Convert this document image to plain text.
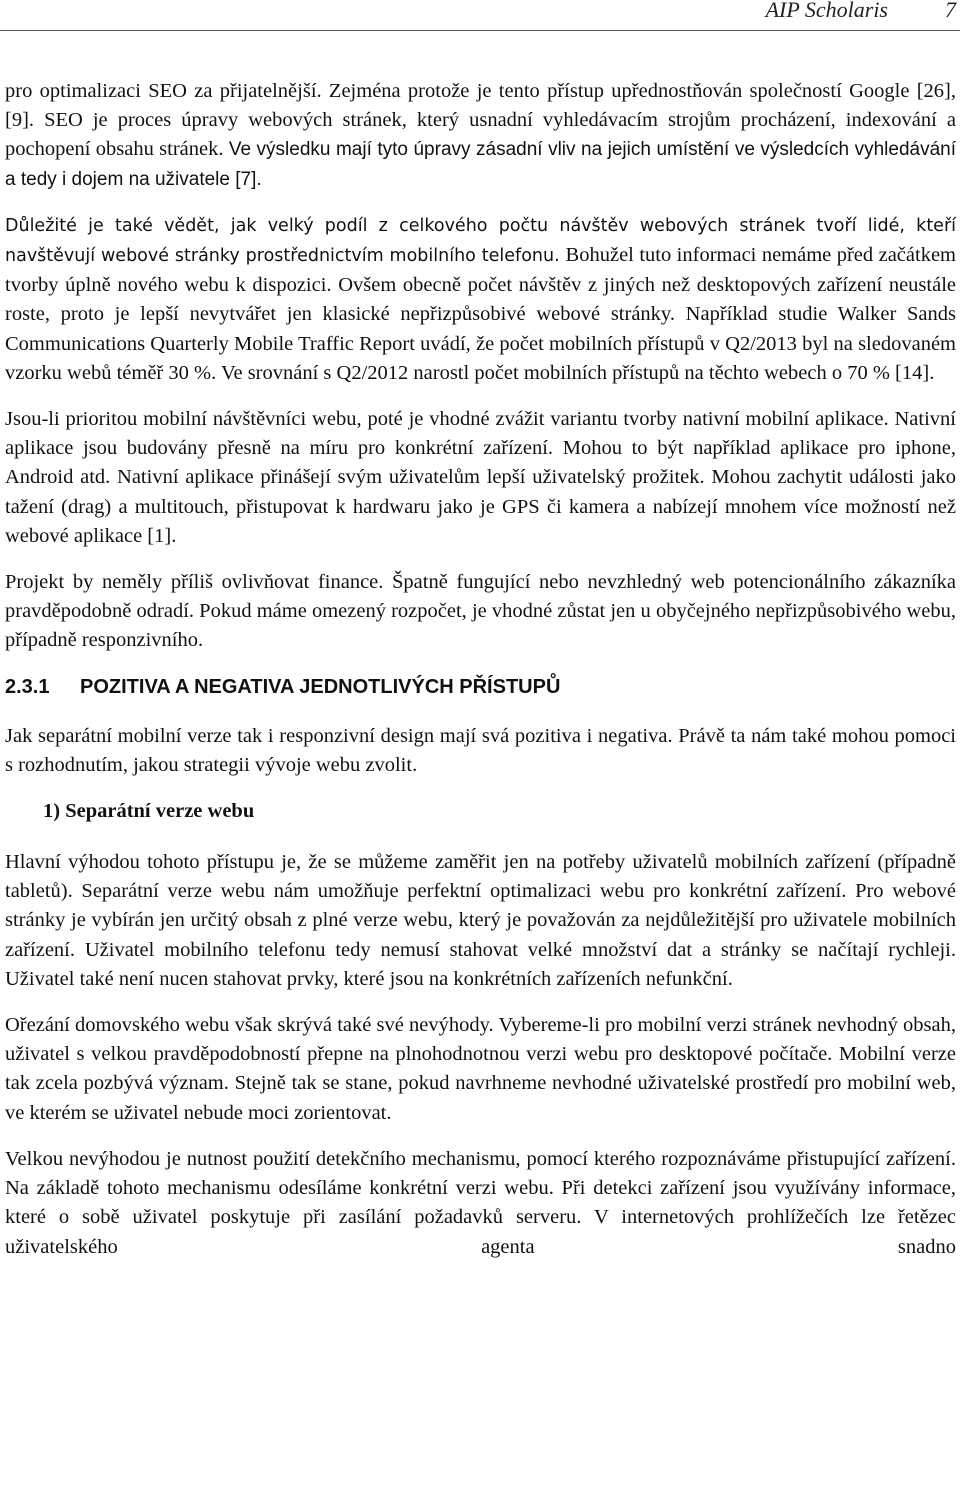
AIP Scholaris	7

pro optimalizaci SEO za přijatelnější. Zejména protože je tento přístup upřednostňován společností Google [26], [9]. SEO je proces úpravy webových stránek, který usnadní vyhledávacím strojům procházení, indexování a pochopení obsahu stránek. Ve výsledku mají tyto úpravy zásadní vliv na jejich umístění ve výsledcích vyhledávání a tedy i dojem na uživatele [7].

Důležité je také vědět, jak velký podíl z celkového počtu návštěv webových stránek tvoří lidé, kteří navštěvují webové stránky prostřednictvím mobilního telefonu. Bohužel tuto informaci nemáme před začátkem tvorby úplně nového webu k dispozici. Ovšem obecně počet návštěv z jiných než desktopových zařízení neustále roste, proto je lepší nevytvářet jen klasické nepřizpůsobivé webové stránky. Například studie Walker Sands Communications Quarterly Mobile Traffic Report uvádí, že počet mobilních přístupů v Q2/2013 byl na sledovaném vzorku webů téměř 30 %. Ve srovnání s Q2/2012 narostl počet mobilních přístupů na těchto webech o 70 % [14].

Jsou-li prioritou mobilní návštěvníci webu, poté je vhodné zvážit variantu tvorby nativní mobilní aplikace. Nativní aplikace jsou budovány přesně na míru pro konkrétní zařízení. Mohou to být například aplikace pro iphone, Android atd. Nativní aplikace přinášejí svým uživatelům lepší uživatelský prožitek. Mohou zachytit události jako tažení (drag) a multitouch, přistupovat k hardwaru jako je GPS či kamera a nabízejí mnohem více možností než webové aplikace [1].

Projekt by neměly příliš ovlivňovat finance. Špatně fungující nebo nevzhledný web potencionálního zákazníka pravděpodobně odradí. Pokud máme omezený rozpočet, je vhodné zůstat jen u obyčejného nepřizpůsobivého webu, případně responzivního.

2.3.1 POZITIVA A NEGATIVA JEDNOTLIVÝCH PŘÍSTUPŮ

Jak separátní mobilní verze tak i responzivní design mají svá pozitiva i negativa. Právě ta nám také mohou pomoci s rozhodnutím, jakou strategii vývoje webu zvolit.

1) Separátní verze webu

Hlavní výhodou tohoto přístupu je, že se můžeme zaměřit jen na potřeby uživatelů mobilních zařízení (případně tabletů). Separátní verze webu nám umožňuje perfektní optimalizaci webu pro konkrétní zařízení. Pro webové stránky je vybírán jen určitý obsah z plné verze webu, který je považován za nejdůležitější pro uživatele mobilních zařízení. Uživatel mobilního telefonu tedy nemusí stahovat velké množství dat a stránky se načítají rychleji. Uživatel také není nucen stahovat prvky, které jsou na konkrétních zařízeních nefunkční.

Ořezání domovského webu však skrývá také své nevýhody. Vybereme-li pro mobilní verzi stránek nevhodný obsah, uživatel s velkou pravděpodobností přepne na plnohodnotnou verzi webu pro desktopové počítače. Mobilní verze tak zcela pozbývá význam. Stejně tak se stane, pokud navrhneme nevhodné uživatelské prostředí pro mobilní web, ve kterém se uživatel nebude moci zorientovat.

Velkou nevýhodou je nutnost použití detekčního mechanismu, pomocí kterého rozpoznáváme přistupující zařízení. Na základě tohoto mechanismu odesíláme konkrétní verzi webu. Při detekci zařízení jsou využívány informace, které o sobě uživatel poskytuje při zasílání požadavků serveru. V internetových prohlížečích lze řetězec uživatelského agenta snadno
